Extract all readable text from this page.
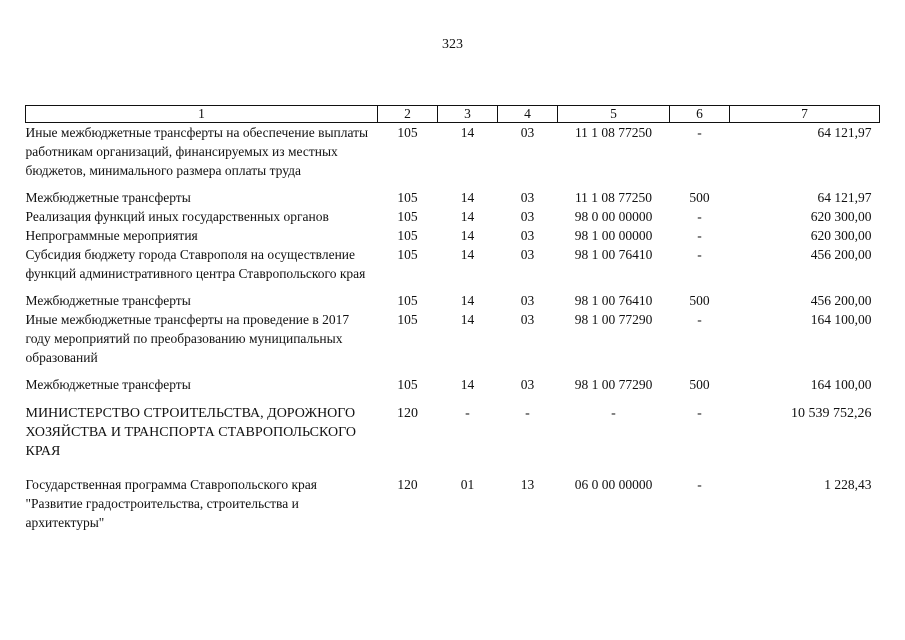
323
1	2	3	4	5	6	7
Иные межбюджетные трансферты на обеспечение выплаты работникам организаций, финансируемых из местных бюджетов, минимального размера оплаты труда	105	14	03	11 1 08 77250	-	64 121,97
Межбюджетные трансферты	105	14	03	11 1 08 77250	500	64 121,97
Реализация функций иных государственных органов	105	14	03	98 0 00 00000	-	620 300,00
Непрограммные мероприятия	105	14	03	98 1 00 00000	-	620 300,00
Субсидия бюджету города Ставрополя на осуществление функций административного центра Ставропольского края	105	14	03	98 1 00 76410	-	456 200,00
Межбюджетные трансферты	105	14	03	98 1 00 76410	500	456 200,00
Иные межбюджетные трансферты на проведение в 2017 году мероприятий по преобразованию муниципальных образований	105	14	03	98 1 00 77290	-	164 100,00
Межбюджетные трансферты	105	14	03	98 1 00 77290	500	164 100,00
МИНИСТЕРСТВО СТРОИТЕЛЬСТВА, ДОРОЖНОГО ХОЗЯЙСТВА И ТРАНСПОРТА СТАВРОПОЛЬСКОГО КРАЯ	120	-	-	-	-	10 539 752,26
Государственная программа Ставропольского края "Развитие градостроительства, строительства и архитектуры"	120	01	13	06 0 00 00000	-	1 228,43
